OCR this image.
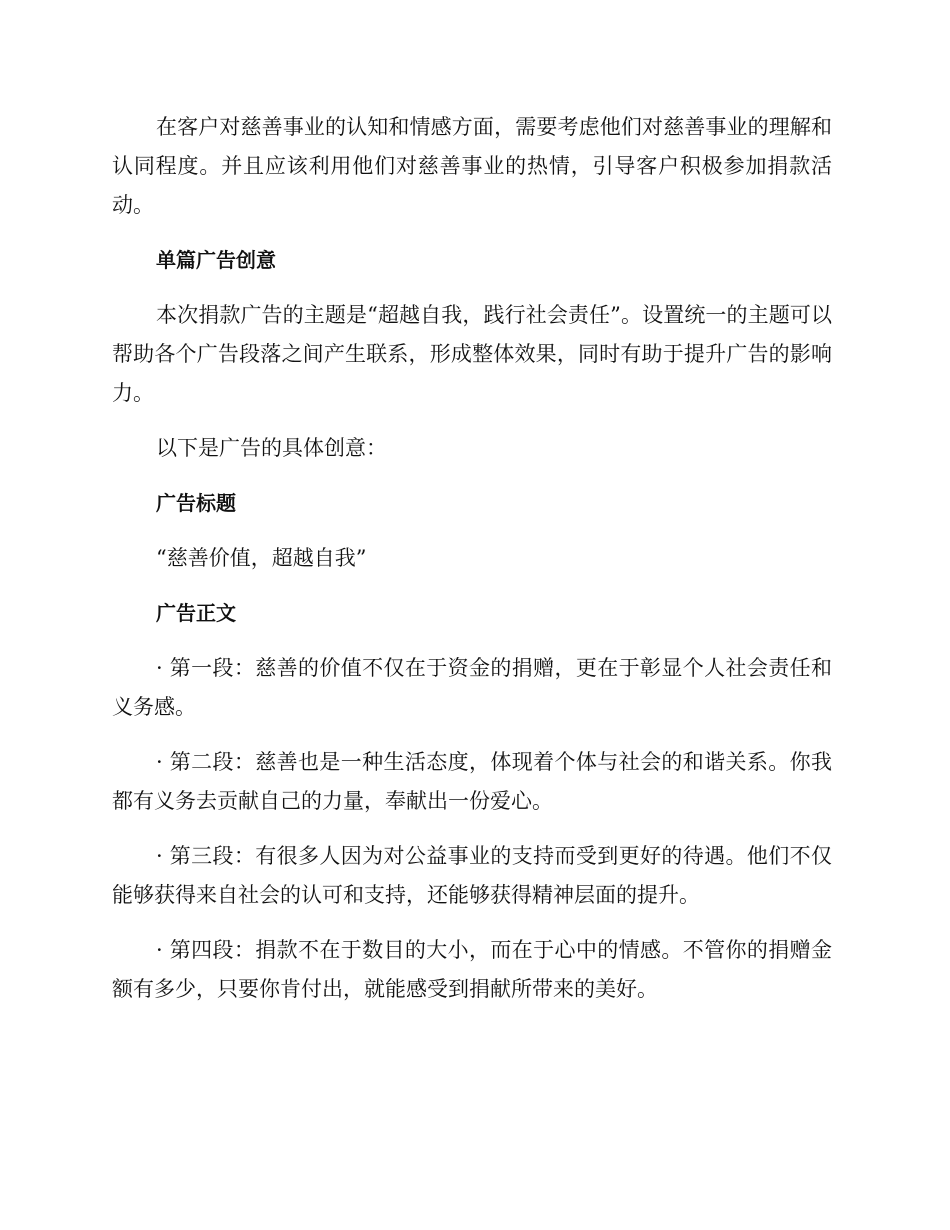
在客户对慈善事业的认知和情感方面，需要考虑他们对慈善事业的理解和认同程度。并且应该利用他们对慈善事业的热情，引导客户积极参加捐款活动。

单篇广告创意

本次捐款广告的主题是“超越自我，践行社会责任”。设置统一的主题可以帮助各个广告段落之间产生联系，形成整体效果，同时有助于提升广告的影响力。

以下是广告的具体创意：

广告标题

“慈善价值，超越自我”

广告正文

· 第一段：慈善的价值不仅在于资金的捐赠，更在于彰显个人社会责任和义务感。

· 第二段：慈善也是一种生活态度，体现着个体与社会的和谐关系。你我都有义务去贡献自己的力量，奉献出一份爱心。

· 第三段：有很多人因为对公益事业的支持而受到更好的待遇。他们不仅能够获得来自社会的认可和支持，还能够获得精神层面的提升。

· 第四段：捐款不在于数目的大小，而在于心中的情感。不管你的捐赠金额有多少，只要你肯付出，就能感受到捐献所带来的美好。
